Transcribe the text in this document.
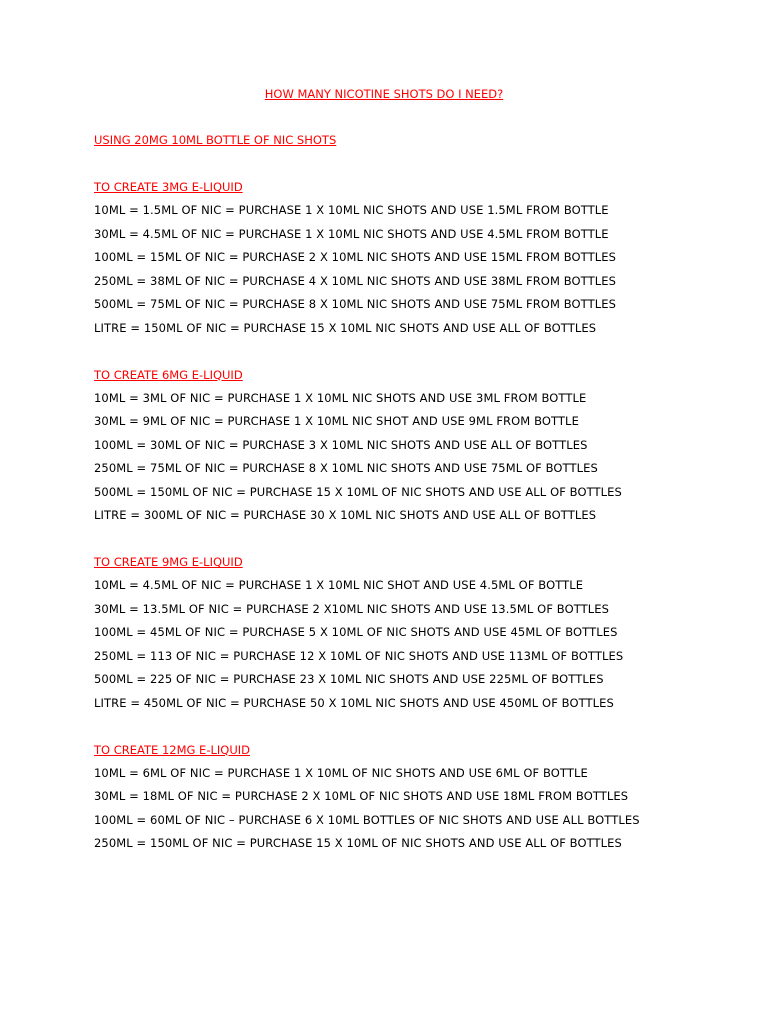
HOW MANY NICOTINE SHOTS DO I NEED?
USING 20MG 10ML BOTTLE OF NIC SHOTS
TO CREATE 3MG E-LIQUID
10ML = 1.5ML OF NIC = PURCHASE 1 X 10ML NIC SHOTS AND USE 1.5ML FROM BOTTLE
30ML = 4.5ML OF NIC = PURCHASE 1 X 10ML NIC SHOTS AND USE 4.5ML FROM BOTTLE
100ML = 15ML OF NIC = PURCHASE 2 X 10ML NIC SHOTS AND USE 15ML FROM BOTTLES
250ML = 38ML OF NIC = PURCHASE 4 X 10ML NIC SHOTS AND USE 38ML FROM BOTTLES
500ML = 75ML OF NIC = PURCHASE 8 X 10ML NIC SHOTS AND USE 75ML FROM BOTTLES
LITRE = 150ML OF NIC = PURCHASE 15 X 10ML NIC SHOTS AND USE ALL OF BOTTLES
TO CREATE 6MG E-LIQUID
10ML = 3ML OF NIC = PURCHASE 1 X 10ML NIC SHOTS AND USE 3ML FROM BOTTLE
30ML = 9ML OF NIC = PURCHASE 1 X 10ML NIC SHOT AND USE 9ML FROM BOTTLE
100ML = 30ML OF NIC = PURCHASE 3 X 10ML NIC SHOTS AND USE ALL OF BOTTLES
250ML = 75ML OF NIC = PURCHASE 8 X 10ML NIC SHOTS AND USE 75ML OF BOTTLES
500ML = 150ML OF NIC = PURCHASE 15 X 10ML OF NIC SHOTS AND USE ALL OF BOTTLES
LITRE = 300ML OF NIC = PURCHASE 30 X 10ML NIC SHOTS AND USE ALL OF BOTTLES
TO CREATE 9MG E-LIQUID
10ML = 4.5ML OF NIC = PURCHASE 1 X 10ML NIC SHOT AND USE 4.5ML OF BOTTLE
30ML = 13.5ML OF NIC = PURCHASE 2 X10ML NIC SHOTS AND USE 13.5ML OF BOTTLES
100ML = 45ML OF NIC = PURCHASE 5 X 10ML OF NIC SHOTS AND USE 45ML OF BOTTLES
250ML = 113 OF NIC = PURCHASE 12 X 10ML OF NIC SHOTS AND USE 113ML OF BOTTLES
500ML = 225 OF NIC = PURCHASE 23 X 10ML NIC SHOTS AND USE 225ML OF BOTTLES
LITRE = 450ML OF NIC = PURCHASE 50 X 10ML NIC SHOTS AND USE 450ML OF BOTTLES
TO CREATE 12MG E-LIQUID
10ML = 6ML OF NIC = PURCHASE 1 X 10ML OF NIC SHOTS AND USE 6ML OF BOTTLE
30ML = 18ML OF NIC = PURCHASE 2 X 10ML OF NIC SHOTS AND USE 18ML FROM BOTTLES
100ML = 60ML OF NIC – PURCHASE 6 X 10ML BOTTLES OF NIC SHOTS AND USE ALL BOTTLES
250ML = 150ML OF NIC = PURCHASE 15 X 10ML OF NIC SHOTS AND USE ALL OF BOTTLES
